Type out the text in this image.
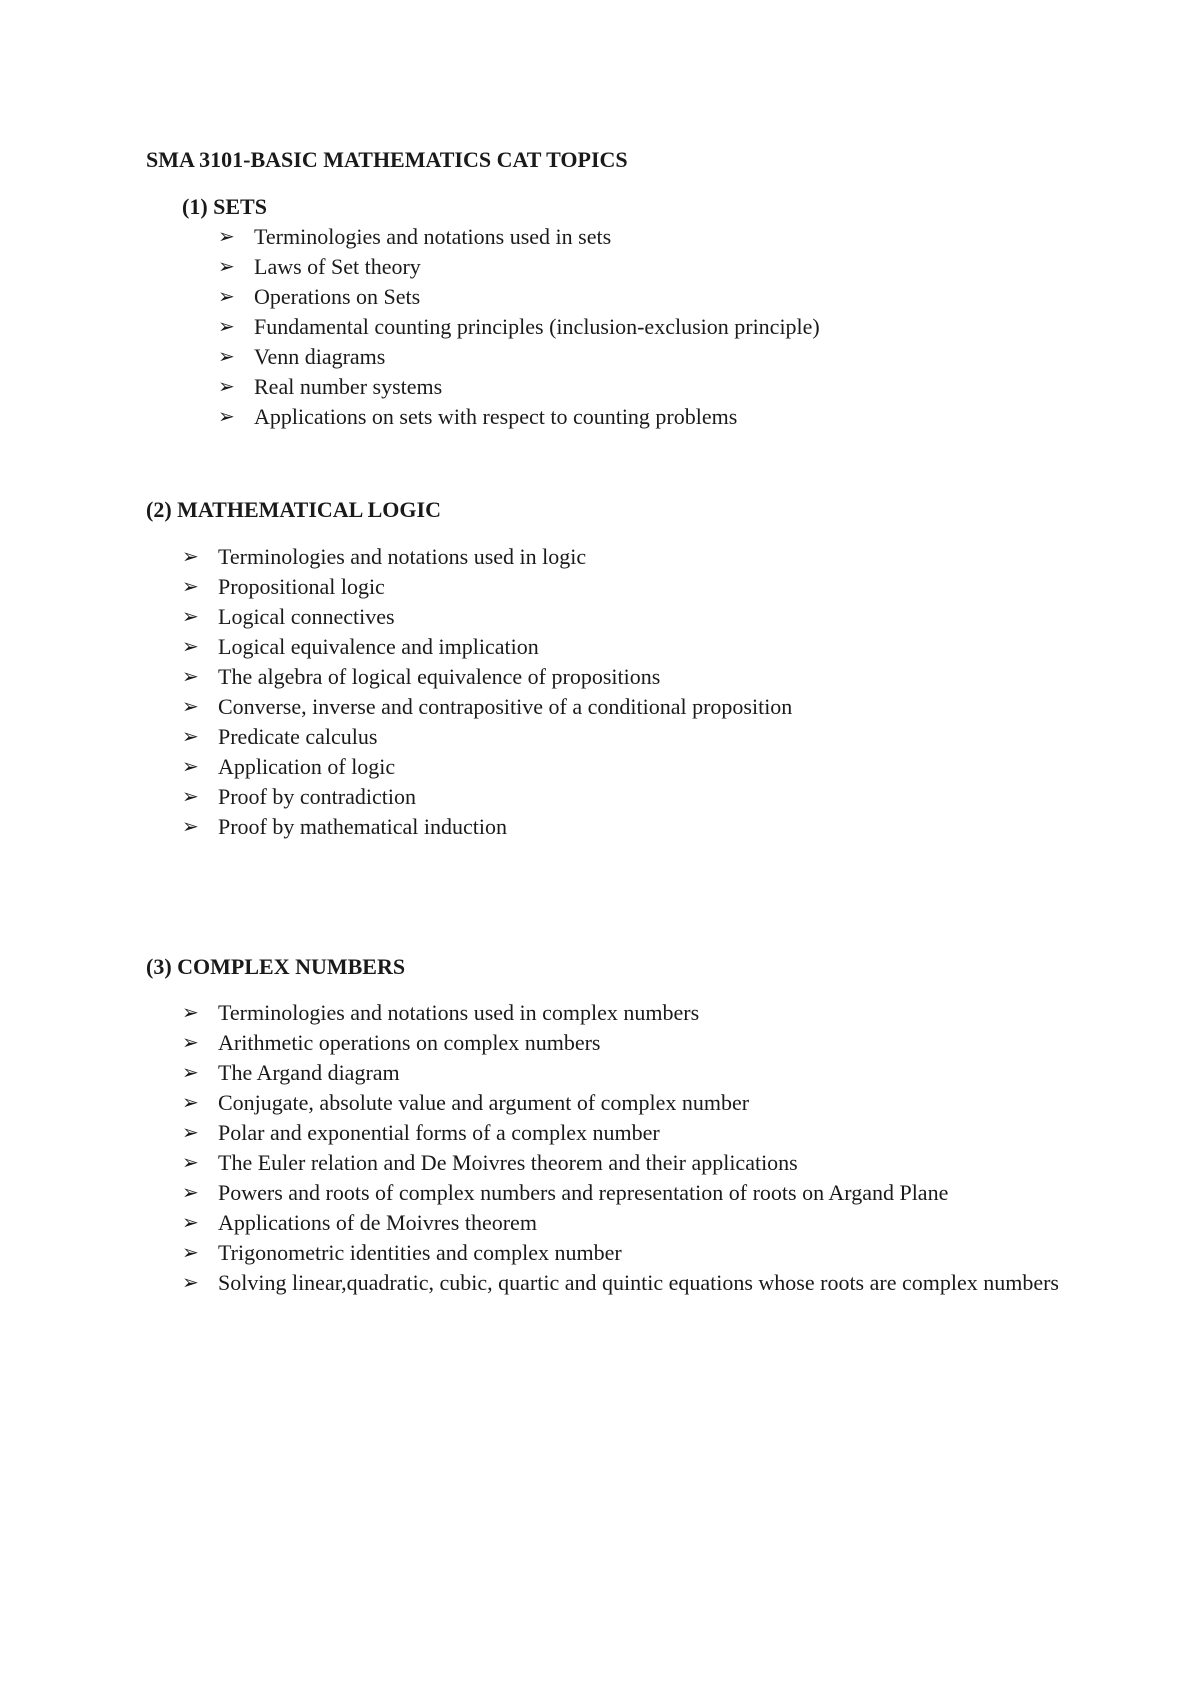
SMA 3101-BASIC MATHEMATICS CAT TOPICS
(1) SETS
➢ Terminologies and notations used in sets
➢ Laws of Set theory
➢ Operations on Sets
➢ Fundamental counting principles (inclusion-exclusion principle)
➢ Venn diagrams
➢ Real number systems
➢ Applications on sets with respect to counting problems
(2) MATHEMATICAL LOGIC
➢ Terminologies and notations used in logic
➢ Propositional logic
➢ Logical connectives
➢ Logical equivalence and implication
➢ The algebra of logical equivalence of propositions
➢ Converse, inverse and contrapositive of a conditional proposition
➢ Predicate calculus
➢ Application of logic
➢ Proof by contradiction
➢ Proof by mathematical induction
(3) COMPLEX NUMBERS
➢ Terminologies and notations used in complex numbers
➢ Arithmetic operations on complex numbers
➢ The Argand diagram
➢ Conjugate, absolute value and argument of complex number
➢ Polar and exponential forms of a complex number
➢ The Euler relation and De Moivres theorem and their applications
➢ Powers and roots of complex numbers and representation of roots on Argand Plane
➢ Applications of de Moivres theorem
➢ Trigonometric identities and complex number
➢ Solving linear,quadratic, cubic, quartic and quintic equations whose roots are complex numbers
